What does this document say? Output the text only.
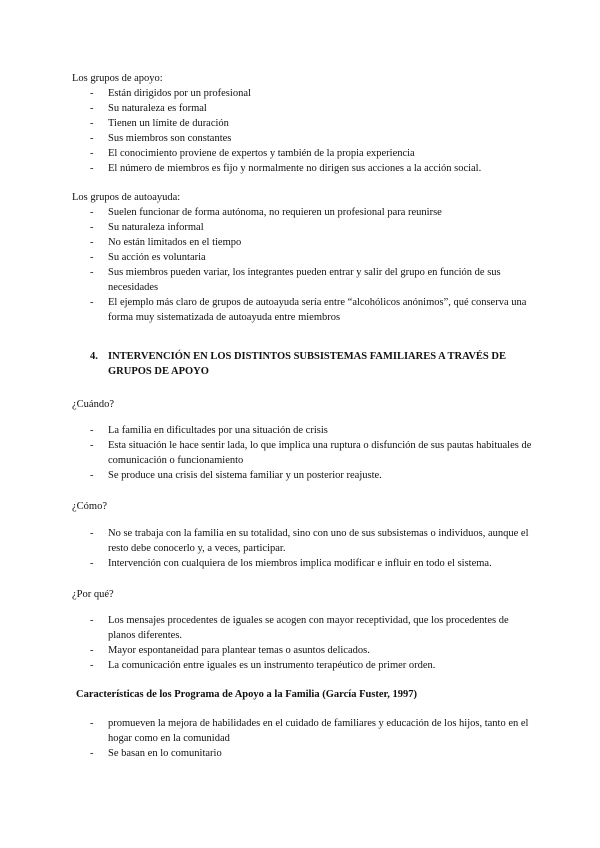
Los grupos de apoyo:

- Están dirigidos por un profesional
- Su naturaleza es formal
- Tienen un límite de duración
- Sus miembros son constantes
- El conocimiento proviene de expertos y también de la propia experiencia
- El número de miembros es fijo y normalmente no dirigen sus acciones a la acción social.

Los grupos de autoayuda:

- Suelen funcionar de forma autónoma, no requieren un profesional para reunirse
- Su naturaleza informal
- No están limitados en el tiempo
- Su acción es voluntaria
- Sus miembros pueden variar, los integrantes pueden entrar y salir del grupo en función de sus necesidades
- El ejemplo más claro de grupos de autoayuda sería entre “alcohólicos anónimos”, qué conserva una forma muy sistematizada de autoayuda entre miembros
4. INTERVENCIÓN EN LOS DISTINTOS SUBSISTEMAS FAMILIARES A TRAVÉS DE GRUPOS DE APOYO

¿Cuándo?

- La familia en dificultades por una situación de crisis
- Esta situación le hace sentir lada, lo que implica una ruptura o disfunción de sus pautas habituales de comunicación o funcionamiento
- Se produce una crisis del sistema familiar y un posterior reajuste.

¿Cómo?

- No se trabaja con la familia en su totalidad, sino con uno de sus subsistemas o individuos, aunque el resto debe conocerlo y, a veces, participar.
- Intervención con cualquiera de los miembros implica modificar e influir en todo el sistema.

¿Por qué?

- Los mensajes procedentes de iguales se acogen con mayor receptividad, que los procedentes de planos diferentes.
- Mayor espontaneidad para plantear temas o asuntos delicados.
- La comunicación entre iguales es un instrumento terapéutico de primer orden.

Características de los Programa de Apoyo a la Familia (García Fuster, 1997)

- promueven la mejora de habilidades en el cuidado de familiares y educación de los hijos, tanto en el hogar como en la comunidad
- Se basan en lo comunitario
